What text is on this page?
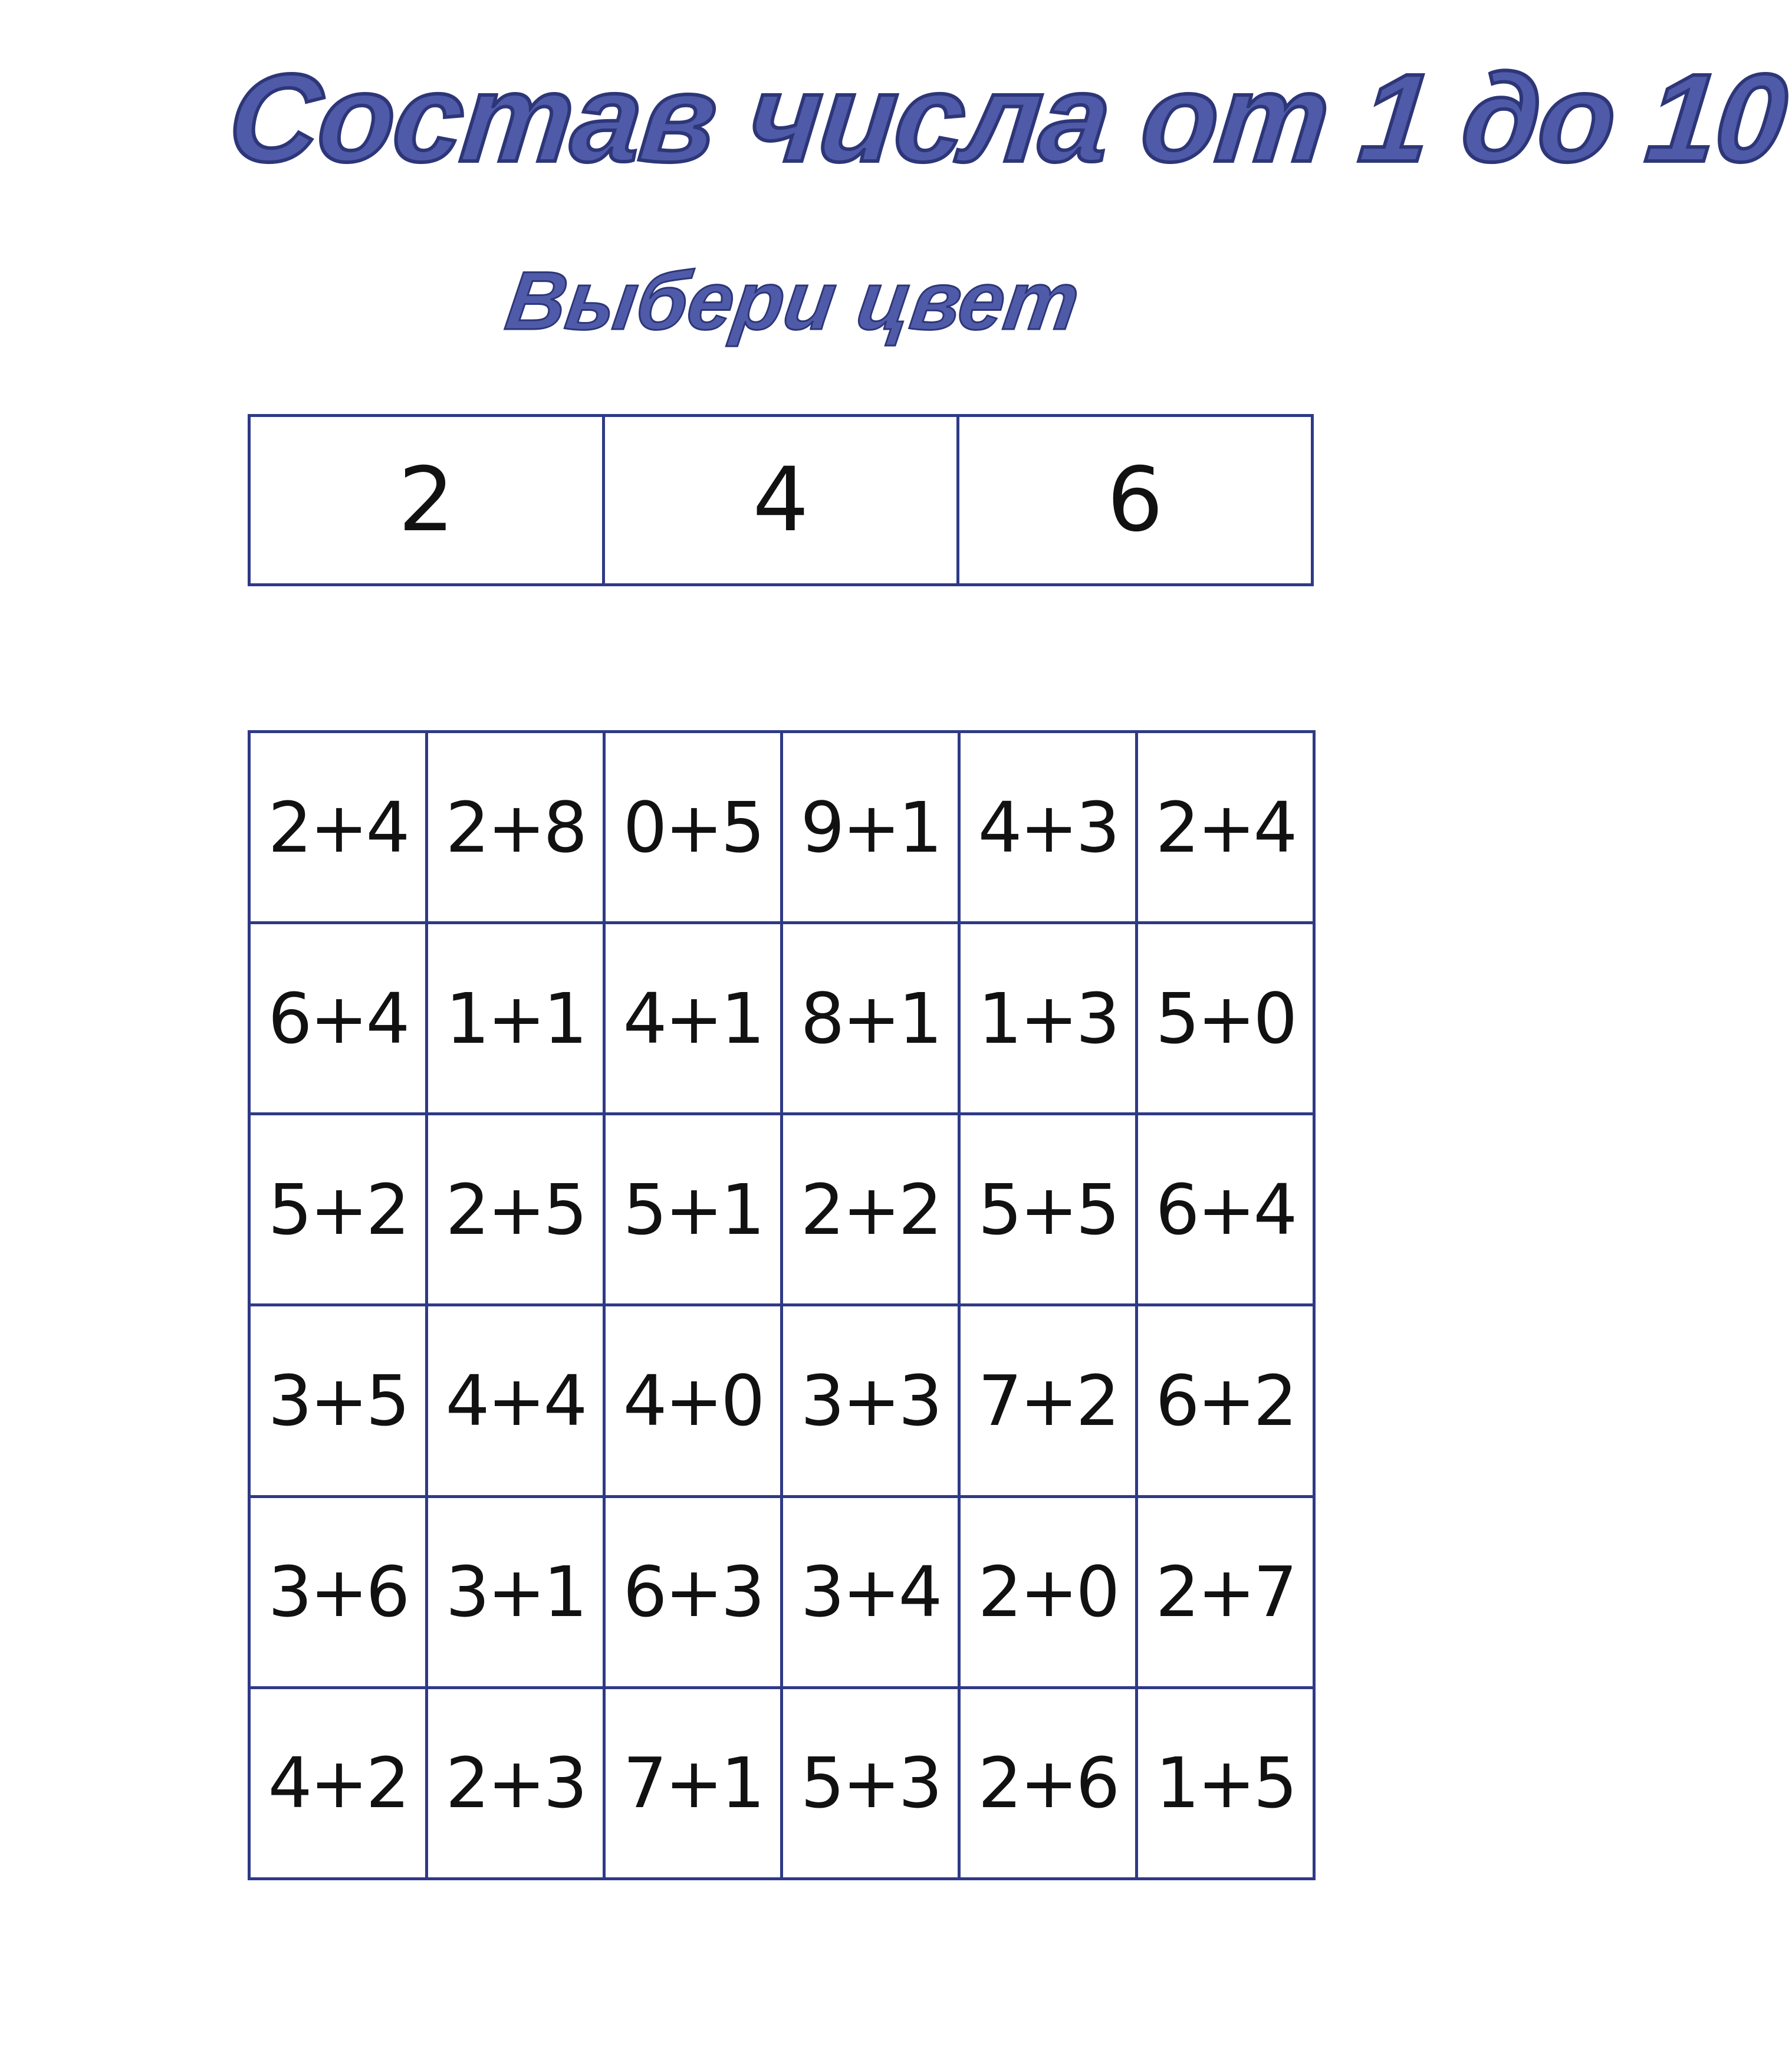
Состав числа от 1 до 10
Выбери цвет
2	4	6
2+4	2+8	0+5	9+1	4+3	2+4
6+4	1+1	4+1	8+1	1+3	5+0
5+2	2+5	5+1	2+2	5+5	6+4
3+5	4+4	4+0	3+3	7+2	6+2
3+6	3+1	6+3	3+4	2+0	2+7
4+2	2+3	7+1	5+3	2+6	1+5
